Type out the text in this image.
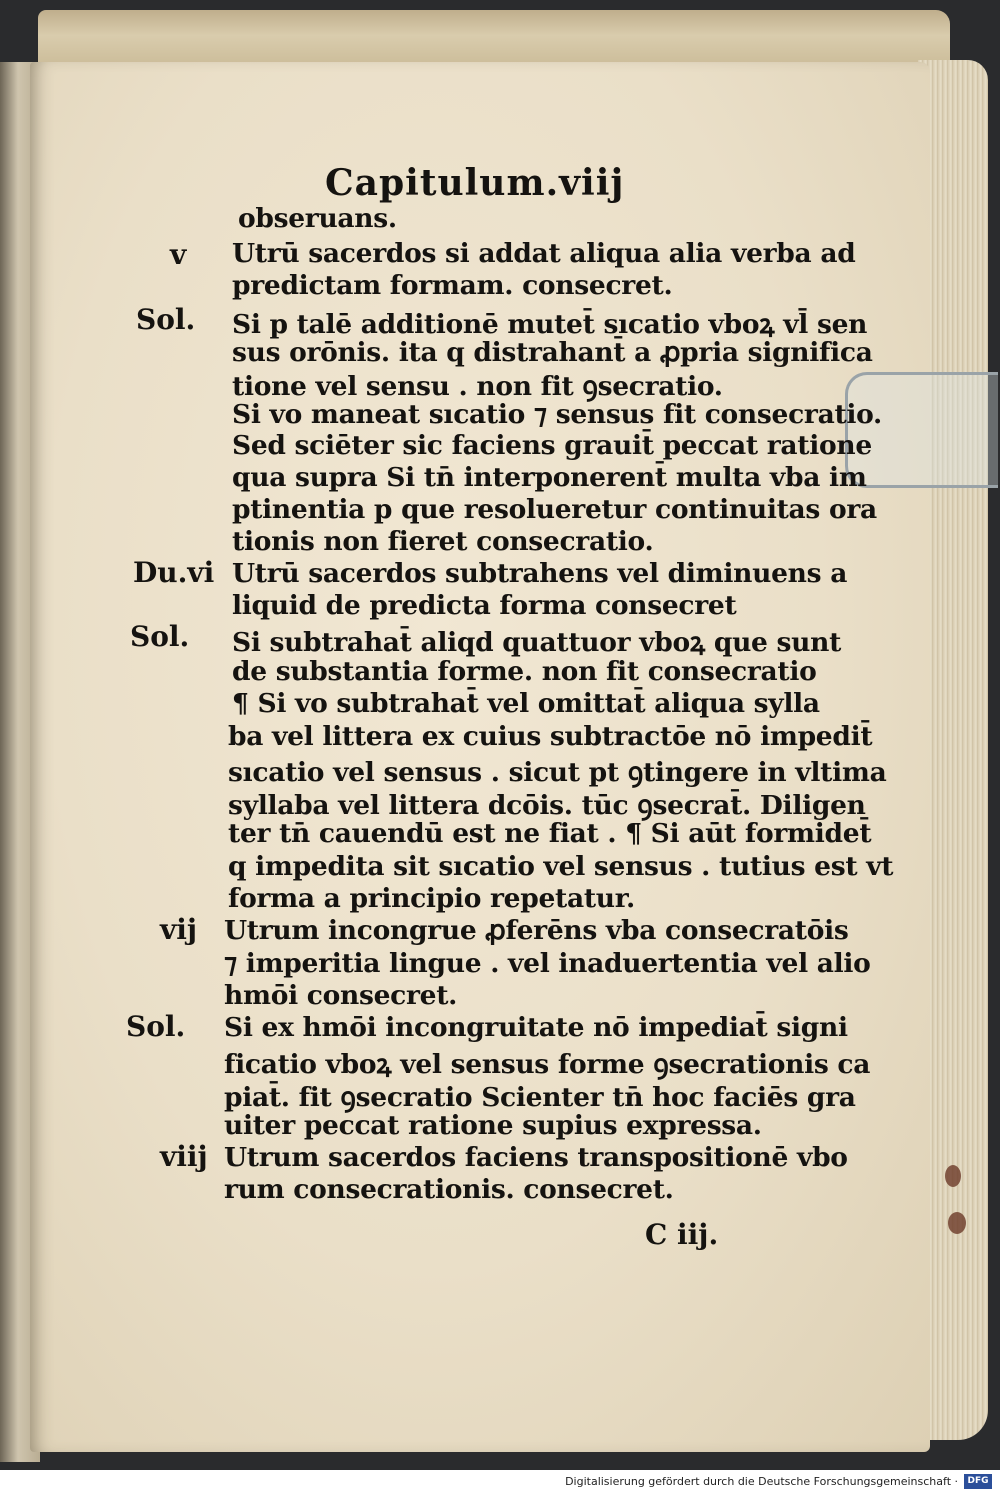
Capitulum.viij
obseruans.
Utrū sacerdos si addat aliqua alia verba ad
predictam formam. consecret.
Si p talē additionē mutet̄ sıcatio vboꝝ vl̄ sen
sus orōnis. ita q distrahant̄ a ꝓpria significa
tione vel sensu . non fit ꝯsecratio.
Si vo maneat sıcatio ⁊ sensus fit consecratio.
Sed sciēter sic faciens grauit̄ peccat ratione
qua supra Si tn̄ interponerent̄ multa vba im
ptinentia p que resolueretur continuitas ora
tionis non fieret consecratio.
Utrū sacerdos subtrahens vel diminuens a
liquid de predicta forma consecret
Si subtrahat̄ aliqd quattuor vboꝝ que sunt
de substantia forme. non fit consecratio
¶ Si vo subtrahat̄ vel omittat̄ aliqua sylla
ba vel littera ex cuius subtractōe nō impedit̄
sıcatio vel sensus . sicut pt ꝯtingere in vltima
syllaba vel littera dcōis. tūc ꝯsecrat̄. Diligen
ter tn̄ cauendū est ne fiat . ¶ Si aūt formidet̄
q impedita sit sıcatio vel sensus . tutius est vt
forma a principio repetatur.
Utrum incongrue ꝓferēns vba consecratōis
⁊ imperitia lingue . vel inaduertentia vel alio
hmōi consecret.
Si ex hmōi incongruitate nō impediat̄ signi
ficatio vboꝝ vel sensus forme ꝯsecrationis ca
piat̄. fit ꝯsecratio Scienter tn̄ hoc faciēs gra
uiter peccat ratione supius expressa.
Utrum sacerdos faciens transpositionē vbo
rum consecrationis. consecret.
v
Sol.
Du.vi
Sol.
vij
Sol.
viij
C iij.
Digitalisierung gefördert durch die Deutsche Forschungsgemeinschaft ·	DFG
